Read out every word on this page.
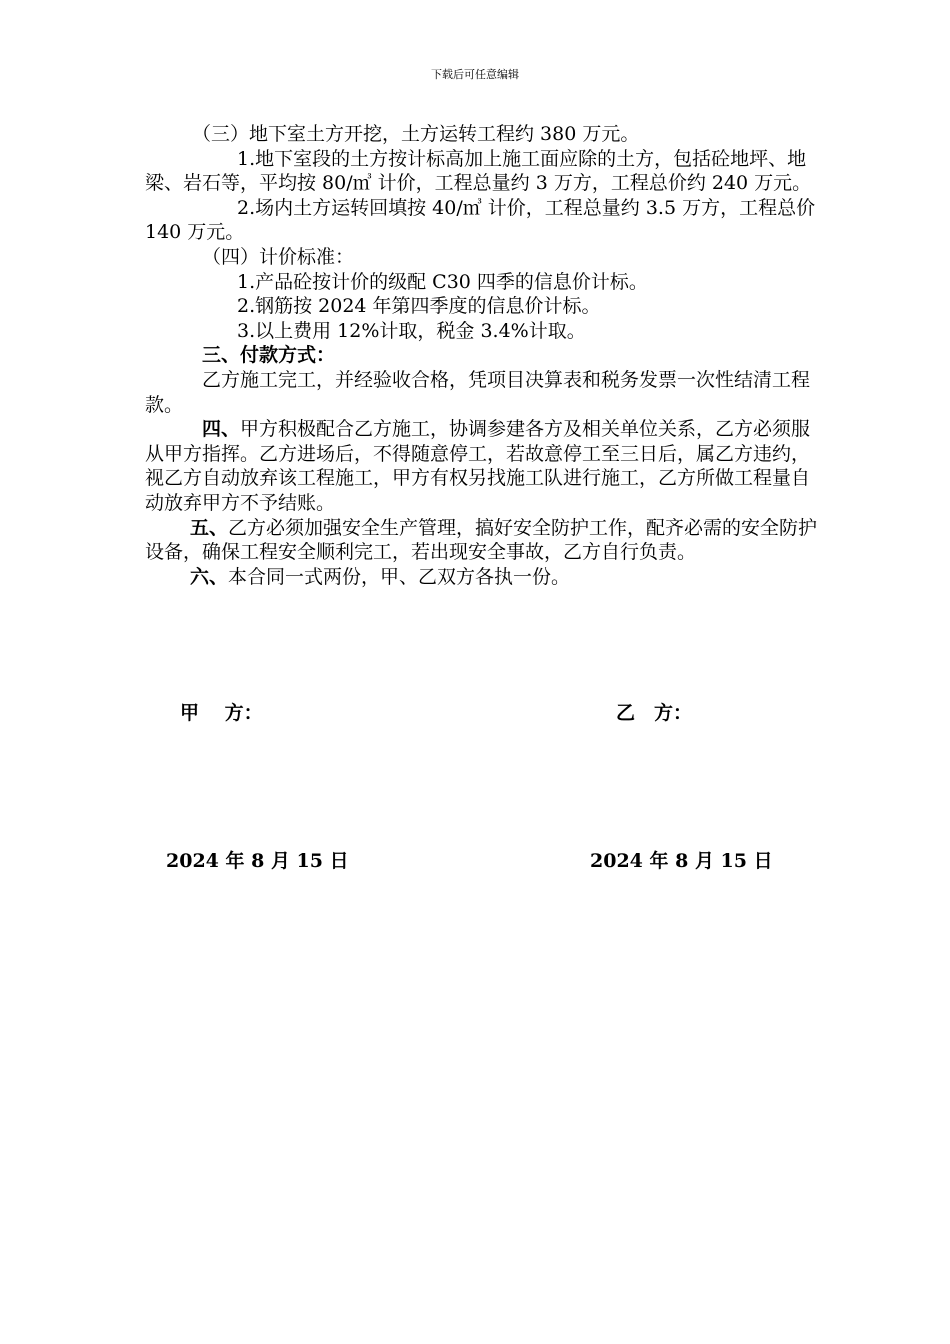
下载后可任意编辑

（三）地下室土方开挖，土方运转工程约 380 万元。

1.地下室段的土方按计标高加上施工面应除的土方，包括砼地坪、地梁、岩石等，平均按 80/㎥ 计价，工程总量约 3 万方，工程总价约 240 万元。

2.场内土方运转回填按 40/㎥ 计价，工程总量约 3.5 万方，工程总价 140 万元。

（四）计价标准：

1.产品砼按计价的级配 C30 四季的信息价计标。

2.钢筋按 2024 年第四季度的信息价计标。

3.以上费用 12%计取，税金 3.4%计取。

三、付款方式：

乙方施工完工，并经验收合格，凭项目决算表和税务发票一次性结清工程款。

四、甲方积极配合乙方施工，协调参建各方及相关单位关系，乙方必须服从甲方指挥。乙方进场后，不得随意停工，若故意停工至三日后，属乙方违约，视乙方自动放弃该工程施工，甲方有权另找施工队进行施工，乙方所做工程量自动放弃甲方不予结账。

五、乙方必须加强安全生产管理，搞好安全防护工作，配齐必需的安全防护设备，确保工程安全顺利完工，若出现安全事故，乙方自行负责。

六、本合同一式两份，甲、乙双方各执一份。

甲　 方：	乙　方：
2024 年 8 月 15 日	2024 年 8 月 15 日
